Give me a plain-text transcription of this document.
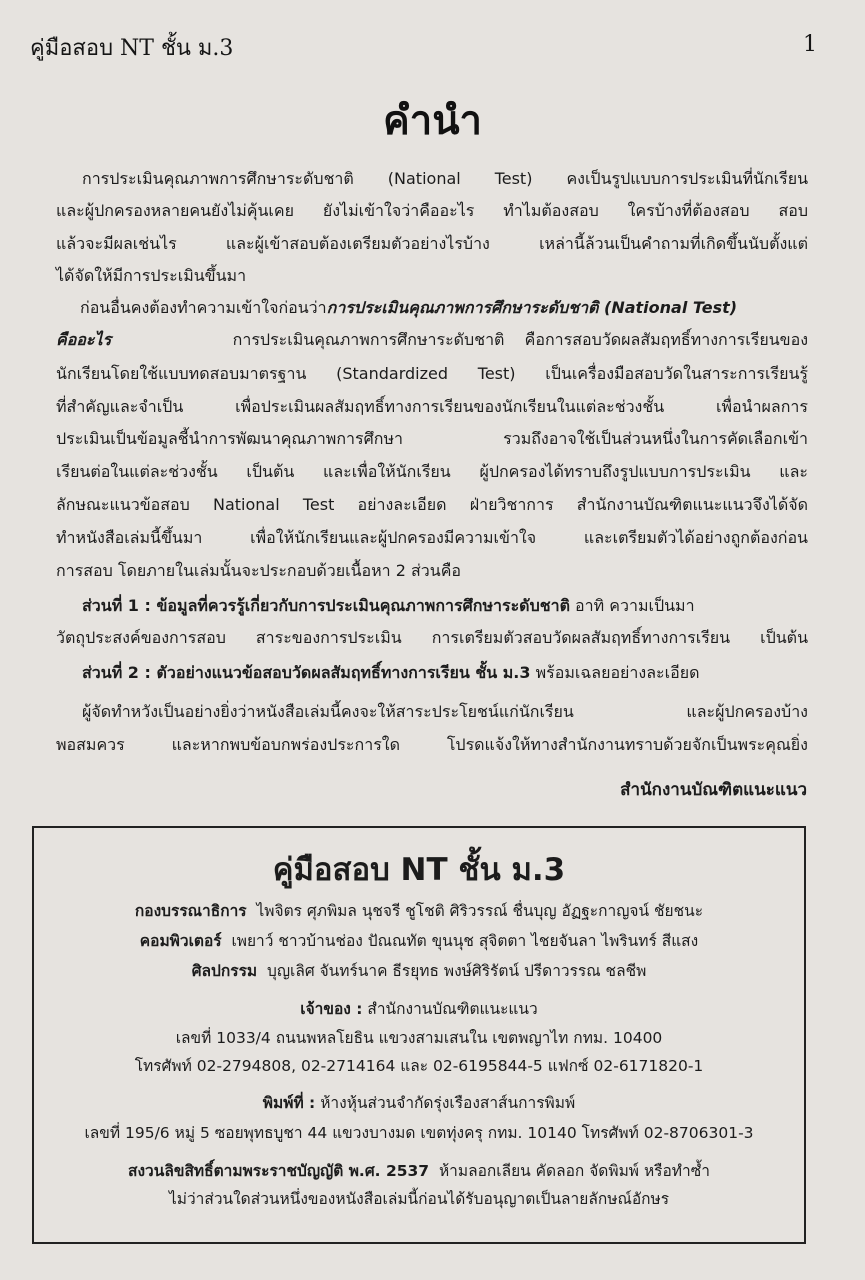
คู่มือสอบ NT ชั้น ม.3	1
คำนำ
การประเมินคุณภาพการศึกษาระดับชาติ (National Test) คงเป็นรูปแบบการประเมินที่นักเรียน
และผู้ปกครองหลายคนยังไม่คุ้นเคย ยังไม่เข้าใจว่าคืออะไร ทำไมต้องสอบ ใครบ้างที่ต้องสอบ สอบ
แล้วจะมีผลเช่นไร และผู้เข้าสอบต้องเตรียมตัวอย่างไรบ้าง เหล่านี้ล้วนเป็นคำถามที่เกิดขึ้นนับตั้งแต่
ได้จัดให้มีการประเมินขึ้นมา
ก่อนอื่นคงต้องทำความเข้าใจก่อนว่าการประเมินคุณภาพการศึกษาระดับชาติ (National Test)
คืออะไร	การประเมินคุณภาพการศึกษาระดับชาติ คือการสอบวัดผลสัมฤทธิ์ทางการเรียนของ
นักเรียนโดยใช้แบบทดสอบมาตรฐาน (Standardized Test) เป็นเครื่องมือสอบวัดในสาระการเรียนรู้
ที่สำคัญและจำเป็น เพื่อประเมินผลสัมฤทธิ์ทางการเรียนของนักเรียนในแต่ละช่วงชั้น เพื่อนำผลการ
ประเมินเป็นข้อมูลชี้นำการพัฒนาคุณภาพการศึกษา รวมถึงอาจใช้เป็นส่วนหนึ่งในการคัดเลือกเข้า
เรียนต่อในแต่ละช่วงชั้น เป็นต้น และเพื่อให้นักเรียน ผู้ปกครองได้ทราบถึงรูปแบบการประเมิน และ
ลักษณะแนวข้อสอบ National Test อย่างละเอียด ฝ่ายวิชาการ สำนักงานบัณฑิตแนะแนวจึงได้จัด
ทำหนังสือเล่มนี้ขึ้นมา เพื่อให้นักเรียนและผู้ปกครองมีความเข้าใจ และเตรียมตัวได้อย่างถูกต้องก่อน
การสอบ โดยภายในเล่มนั้นจะประกอบด้วยเนื้อหา 2 ส่วนคือ
ส่วนที่ 1 : ข้อมูลที่ควรรู้เกี่ยวกับการประเมินคุณภาพการศึกษาระดับชาติ อาทิ ความเป็นมา
วัตถุประสงค์ของการสอบ สาระของการประเมิน การเตรียมตัวสอบวัดผลสัมฤทธิ์ทางการเรียน เป็นต้น
ส่วนที่ 2 : ตัวอย่างแนวข้อสอบวัดผลสัมฤทธิ์ทางการเรียน ชั้น ม.3 พร้อมเฉลยอย่างละเอียด
ผู้จัดทำหวังเป็นอย่างยิ่งว่าหนังสือเล่มนี้คงจะให้สาระประโยชน์แก่นักเรียน และผู้ปกครองบ้าง
พอสมควร และหากพบข้อบกพร่องประการใด โปรดแจ้งให้ทางสำนักงานทราบด้วยจักเป็นพระคุณยิ่ง
สำนักงานบัณฑิตแนะแนว
คู่มือสอบ NT ชั้น ม.3
กองบรรณาธิการ ไพจิตร ศุภพิมล นุชจรี ชูโชติ ศิริวรรณ์ ชื่นบุญ อัฏฐะกาญจน์ ชัยชนะ
คอมพิวเตอร์ เพยาว์ ชาวบ้านช่อง ปัณณทัต ขุนนุช สุจิตตา ไชยจันลา ไพรินทร์ สีแสง
ศิลปกรรม บุญเลิศ จันทร์นาค ธีรยุทธ พงษ์ศิริรัตน์ ปรีดาวรรณ ชลชีพ
เจ้าของ : สำนักงานบัณฑิตแนะแนว
เลขที่ 1033/4 ถนนพหลโยธิน แขวงสามเสนใน เขตพญาไท กทม. 10400
โทรศัพท์ 02-2794808, 02-2714164 และ 02-6195844-5 แฟกซ์ 02-6171820-1
พิมพ์ที่ : ห้างหุ้นส่วนจำกัดรุ่งเรืองสาส์นการพิมพ์
เลขที่ 195/6 หมู่ 5 ซอยพุทธบูชา 44 แขวงบางมด เขตทุ่งครุ กทม. 10140 โทรศัพท์ 02-8706301-3
สงวนลิขสิทธิ์ตามพระราชบัญญัติ พ.ศ. 2537 ห้ามลอกเลียน คัดลอก จัดพิมพ์ หรือทำซ้ำ
ไม่ว่าส่วนใดส่วนหนึ่งของหนังสือเล่มนี้ก่อนได้รับอนุญาตเป็นลายลักษณ์อักษร
